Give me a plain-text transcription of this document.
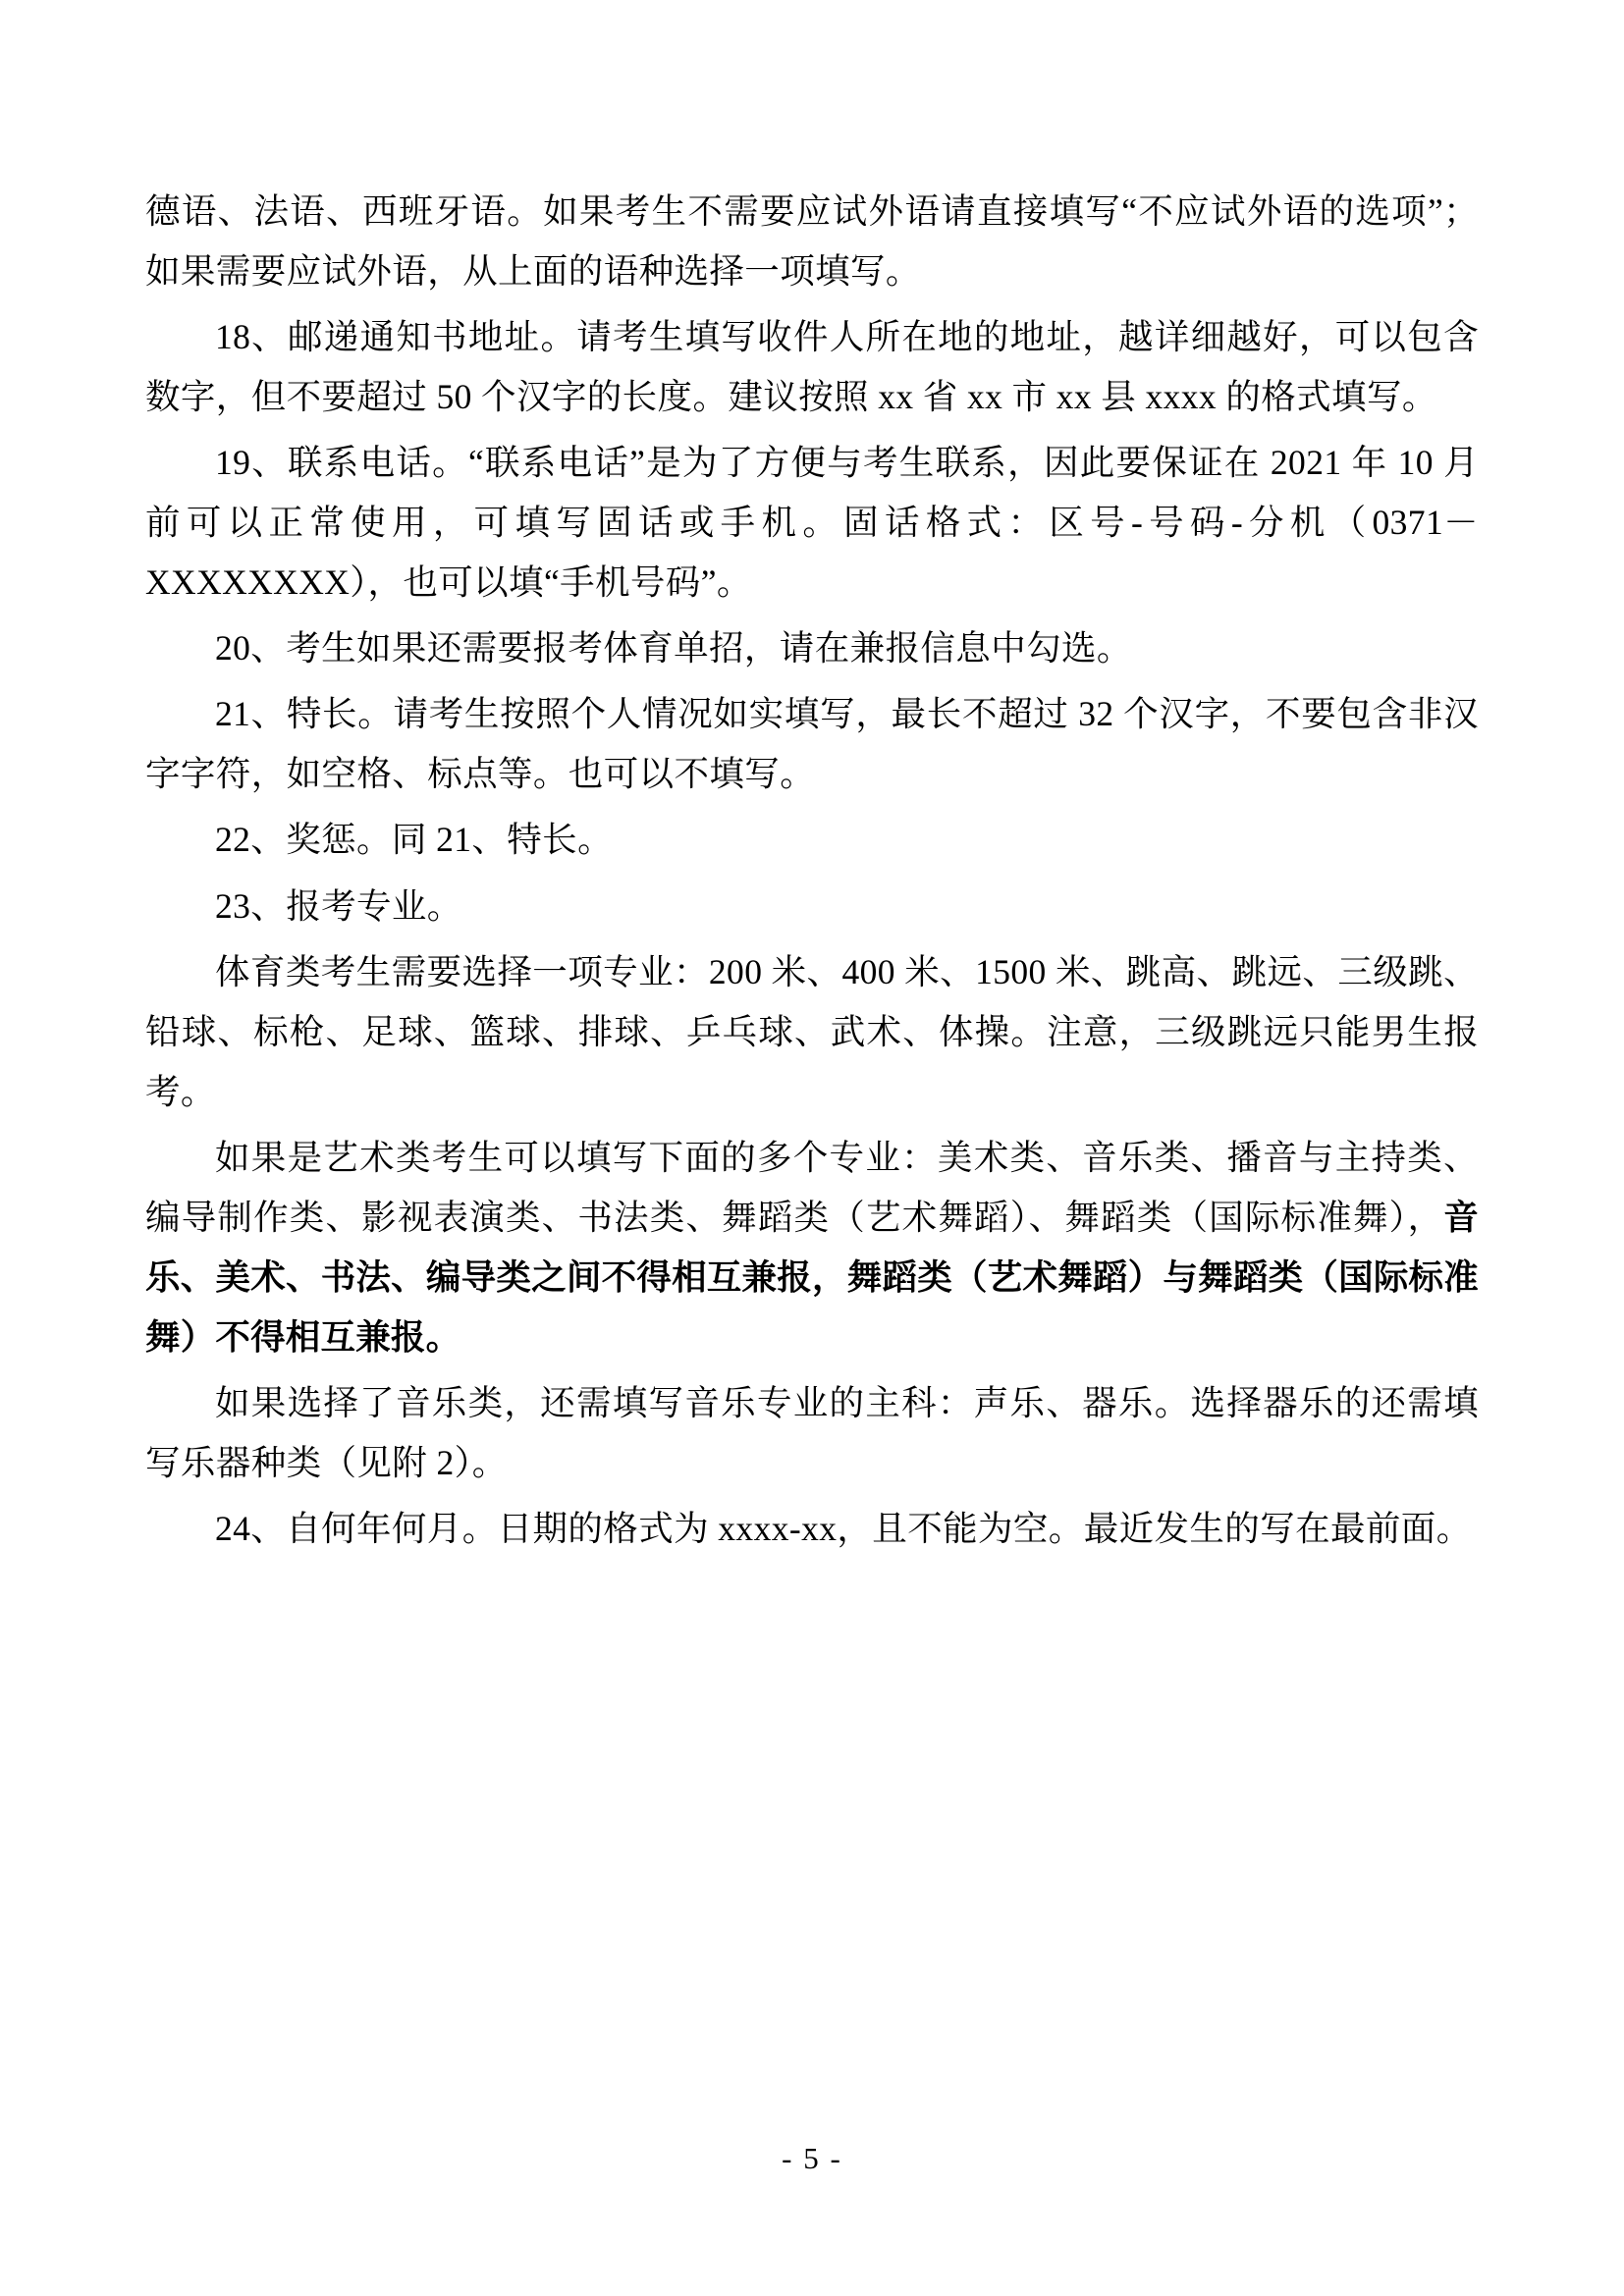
德语、法语、西班牙语。如果考生不需要应试外语请直接填写“不应试外语的选项”；如果需要应试外语，从上面的语种选择一项填写。

18、邮递通知书地址。请考生填写收件人所在地的地址，越详细越好，可以包含数字，但不要超过 50 个汉字的长度。建议按照 xx 省 xx 市 xx 县 xxxx 的格式填写。

19、联系电话。“联系电话”是为了方便与考生联系，因此要保证在 2021 年 10 月前可以正常使用，可填写固话或手机。固话格式：区号-号码-分机（0371－XXXXXXXX），也可以填“手机号码”。

20、考生如果还需要报考体育单招，请在兼报信息中勾选。

21、特长。请考生按照个人情况如实填写，最长不超过 32 个汉字，不要包含非汉字字符，如空格、标点等。也可以不填写。

22、奖惩。同 21、特长。

23、报考专业。

体育类考生需要选择一项专业：200 米、400 米、1500 米、跳高、跳远、三级跳、铅球、标枪、足球、篮球、排球、乒乓球、武术、体操。注意，三级跳远只能男生报考。

如果是艺术类考生可以填写下面的多个专业：美术类、音乐类、播音与主持类、编导制作类、影视表演类、书法类、舞蹈类（艺术舞蹈）、舞蹈类（国际标准舞），音乐、美术、书法、编导类之间不得相互兼报，舞蹈类（艺术舞蹈）与舞蹈类（国际标准舞）不得相互兼报。

如果选择了音乐类，还需填写音乐专业的主科：声乐、器乐。选择器乐的还需填写乐器种类（见附 2）。

24、自何年何月。日期的格式为 xxxx-xx，且不能为空。最近发生的写在最前面。

- 5 -
